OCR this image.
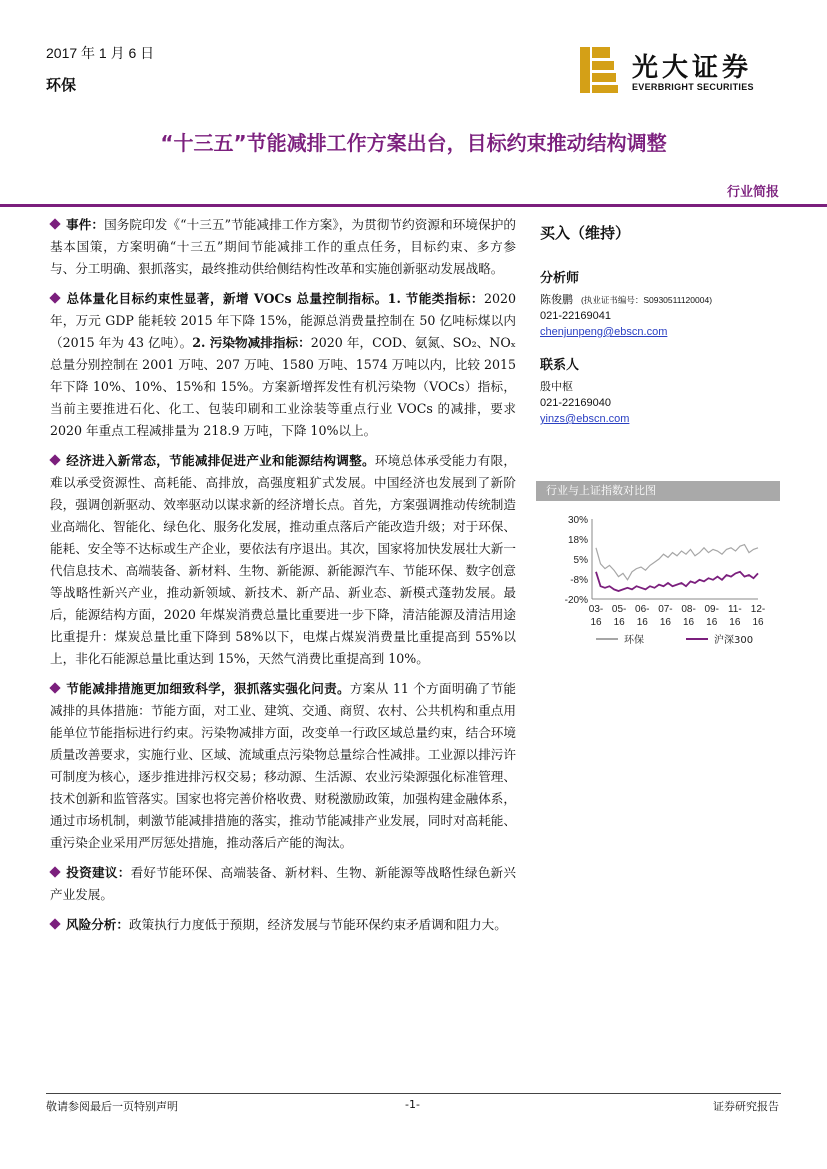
2017 年 1 月 6 日
环保
光大证券
EVERBRIGHT SECURITIES
“十三五”节能减排工作方案出台，目标约束推动结构调整
行业简报

事件：国务院印发《“十三五”节能减排工作方案》，为贯彻节约资源和环境保护的基本国策，方案明确“十三五”期间节能减排工作的重点任务，目标约束、多方参与、分工明确、狠抓落实，最终推动供给侧结构性改革和实施创新驱动发展战略。

总体量化目标约束性显著，新增 VOCs 总量控制指标。1. 节能类指标：2020 年，万元 GDP 能耗较 2015 年下降 15%，能源总消费量控制在 50 亿吨标煤以内（2015 年为 43 亿吨）。2. 污染物减排指标：2020 年，COD、氨氮、SO₂、NOₓ 总量分别控制在 2001 万吨、207 万吨、1580 万吨、1574 万吨以内，比较 2015 年下降 10%、10%、15%和 15%。方案新增挥发性有机污染物（VOCs）指标，当前主要推进石化、化工、包装印刷和工业涂装等重点行业 VOCs 的减排，要求 2020 年重点工程减排量为 218.9 万吨，下降 10%以上。

经济进入新常态，节能减排促进产业和能源结构调整。环境总体承受能力有限，难以承受资源性、高耗能、高排放，高强度粗犷式发展。中国经济也发展到了新阶段，强调创新驱动、效率驱动以谋求新的经济增长点。首先，方案强调推动传统制造业高端化、智能化、绿色化、服务化发展，推动重点落后产能改造升级；对于环保、能耗、安全等不达标或生产企业，要依法有序退出。其次，国家将加快发展壮大新一代信息技术、高端装备、新材料、生物、新能源、新能源汽车、节能环保、数字创意等战略性新兴产业，推动新领域、新技术、新产品、新业态、新模式蓬勃发展。最后，能源结构方面，2020 年煤炭消费总量比重要进一步下降，清洁能源及清洁用途比重提升：煤炭总量比重下降到 58%以下，电煤占煤炭消费量比重提高到 55%以上，非化石能源总量比重达到 15%，天然气消费比重提高到 10%。

节能减排措施更加细致科学，狠抓落实强化问责。方案从 11 个方面明确了节能减排的具体措施：节能方面，对工业、建筑、交通、商贸、农村、公共机构和重点用能单位节能指标进行约束。污染物减排方面，改变单一行政区域总量约束，结合环境质量改善要求，实施行业、区域、流域重点污染物总量综合性减排。工业源以排污许可制度为核心，逐步推进排污权交易；移动源、生活源、农业污染源强化标准管理、技术创新和监管落实。国家也将完善价格收费、财税激励政策，加强构建金融体系，通过市场机制，刺激节能减排措施的落实，推动节能减排产业发展，同时对高耗能、重污染企业采用严厉惩处措施，推动落后产能的淘汰。

投资建议：看好节能环保、高端装备、新材料、生物、新能源等战略性绿色新兴产业发展。

风险分析：政策执行力度低于预期，经济发展与节能环保约束矛盾调和阻力大。

买入（维持）
分析师
陈俊鹏 (执业证书编号：S0930511120004)
021-22169041
chenjunpeng@ebscn.com
联系人
殷中枢
021-22169040
yinzs@ebscn.com
行业与上证指数对比图
30%
18%
5%
-8%
-20%
03-
16
05-
16
06-
16
07-
16
08-
16
09-
16
11-
16
12-
16
环保	沪深300
敬请参阅最后一页特别声明	-1-	证券研究报告
